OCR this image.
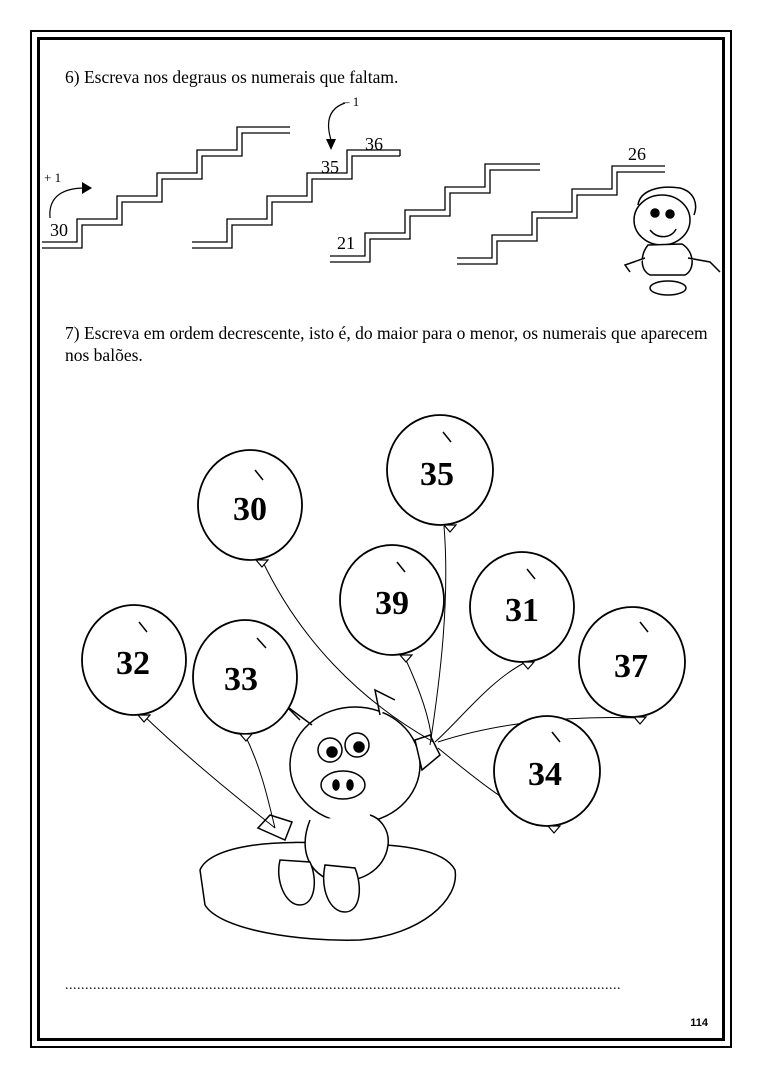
6) Escreva nos degraus os numerais que faltam.
30
+ 1
35
36
– 1
21
26
30
35
39	31
32 33	37
34
7) Escreva em ordem decrescente, isto é, do maior para o menor, os numerais que aparecem nos balões.
...........................................................................................................................................
114
